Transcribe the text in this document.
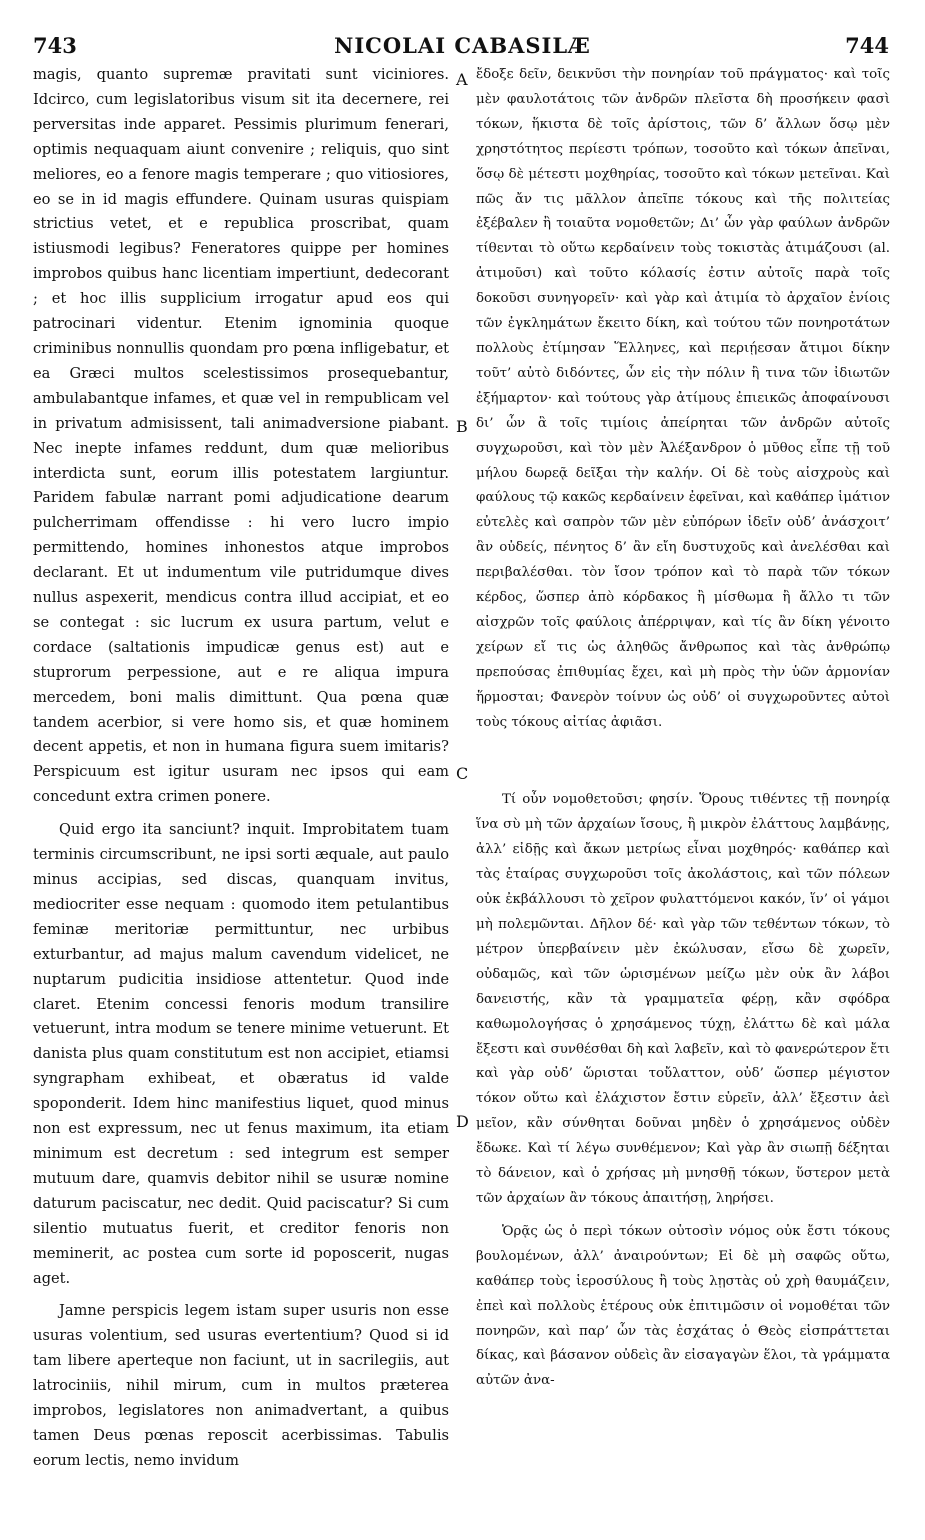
743	NICOLAI CABASILÆ	744

magis, quanto supremæ pravitati sunt viciniores. Idcirco, cum legislatoribus visum sit ita decernere, rei perversitas inde apparet. Pessimis plurimum fenerari, optimis nequaquam aiunt convenire ; reliquis, quo sint meliores, eo a fenore magis temperare ; quo vitiosiores, eo se in id magis effundere. Quinam usuras quispiam strictius vetet, et e republica proscribat, quam istiusmodi legibus? Feneratores quippe per homines improbos quibus hanc licentiam impertiunt, dedecorant ; et hoc illis supplicium irrogatur apud eos qui patrocinari videntur. Etenim ignominia quoque criminibus nonnullis quondam pro pœna infligebatur, et ea Græci multos scelestissimos prosequebantur, ambulabantque infames, et quæ vel in rempublicam vel in privatum admisissent, tali animadversione piabant. Nec inepte infames reddunt, dum quæ melioribus interdicta sunt, eorum illis potestatem largiuntur. Paridem fabulæ narrant pomi adjudicatione dearum pulcherrimam offendisse : hi vero lucro impio permittendo, homines inhonestos atque improbos declarant. Et ut indumentum vile putridumque dives nullus aspexerit, mendicus contra illud accipiat, et eo se contegat : sic lucrum ex usura partum, velut e cordace (saltationis impudicæ genus est) aut e stuprorum perpessione, aut e re aliqua impura mercedem, boni malis dimittunt. Qua pœna quæ tandem acerbior, si vere homo sis, et quæ hominem decent appetis, et non in humana figura suem imitaris? Perspicuum est igitur usuram nec ipsos qui eam concedunt extra crimen ponere.

Quid ergo ita sanciunt? inquit. Improbitatem tuam terminis circumscribunt, ne ipsi sorti æquale, aut paulo minus accipias, sed discas, quanquam invitus, mediocriter esse nequam : quomodo item petulantibus feminæ meritoriæ permittuntur, nec urbibus exturbantur, ad majus malum cavendum videlicet, ne nuptarum pudicitia insidiose attentetur. Quod inde claret. Etenim concessi fenoris modum transilire vetuerunt, intra modum se tenere minime vetuerunt. Et danista plus quam constitutum est non accipiet, etiamsi syngrapham exhibeat, et obæratus id valde spoponderit. Idem hinc manifestius liquet, quod minus non est expressum, nec ut fenus maximum, ita etiam minimum est decretum : sed integrum est semper mutuum dare, quamvis debitor nihil se usuræ nomine daturum paciscatur, nec dedit. Quid paciscatur? Si cum silentio mutuatus fuerit, et creditor fenoris non meminerit, ac postea cum sorte id poposcerit, nugas aget.

Jamne perspicis legem istam super usuris non esse usuras volentium, sed usuras evertentium? Quod si id tam libere aperteque non faciunt, ut in sacrilegiis, aut latrociniis, nihil mirum, cum in multos præterea improbos, legislatores non animadvertant, a quibus tamen Deus pœnas reposcit acerbissimas. Tabulis eorum lectis, nemo invidum

A
B
C
D

ἔδοξε δεῖν, δεικνῦσι τὴν πονηρίαν τοῦ πράγματος· καὶ τοῖς μὲν φαυλοτάτοις τῶν ἀνδρῶν πλεῖστα δὴ προσήκειν φασὶ τόκων, ἥκιστα δὲ τοῖς ἀρίστοις, τῶν δ’ ἄλλων ὅσῳ μὲν χρηστότητος περίεστι τρόπων, τοσοῦτο καὶ τόκων ἀπεῖναι, ὅσῳ δὲ μέτεστι μοχθηρίας, τοσοῦτο καὶ τόκων μετεῖναι. Καὶ πῶς ἄν τις μᾶλλον ἀπεῖπε τόκους καὶ τῆς πολιτείας ἐξέβαλεν ἢ τοιαῦτα νομοθετῶν; Δι’ ὧν γὰρ φαύλων ἀνδρῶν τίθενται τὸ οὕτω κερδαίνειν τοὺς τοκιστὰς ἀτιμάζουσι (al. ἀτιμοῦσι) καὶ τοῦτο κόλασίς ἐστιν αὐτοῖς παρὰ τοῖς δοκοῦσι συνηγορεῖν· καὶ γὰρ καὶ ἀτιμία τὸ ἀρχαῖον ἐνίοις τῶν ἐγκλημάτων ἔκειτο δίκη, καὶ τούτου τῶν πονηροτάτων πολλοὺς ἐτίμησαν Ἕλληνες, καὶ περιῄεσαν ἄτιμοι δίκην τοῦτ’ αὐτὸ διδόντες, ὧν εἰς τὴν πόλιν ἢ τινα τῶν ἰδιωτῶν ἐξήμαρτον· καὶ τούτους γὰρ ἀτίμους ἐπιεικῶς ἀποφαίνουσι δι’ ὧν ἃ τοῖς τιμίοις ἀπείρηται τῶν ἀνδρῶν αὐτοῖς συγχωροῦσι, καὶ τὸν μὲν Ἀλέξανδρον ὁ μῦθος εἶπε τῇ τοῦ μήλου δωρεᾷ δεῖξαι τὴν καλήν. Οἱ δὲ τοὺς αἰσχροὺς καὶ φαύλους τῷ κακῶς κερδαίνειν ἐφεῖναι, καὶ καθάπερ ἱμάτιον εὐτελὲς καὶ σαπρὸν τῶν μὲν εὐπόρων ἰδεῖν οὐδ’ ἀνάσχοιτ’ ἂν οὐδείς, πένητος δ’ ἂν εἴη δυστυχοῦς καὶ ἀνελέσθαι καὶ περιβαλέσθαι. τὸν ἴσον τρόπον καὶ τὸ παρὰ τῶν τόκων κέρδος, ὥσπερ ἀπὸ κόρδακος ἢ μίσθωμα ἢ ἄλλο τι τῶν αἰσχρῶν τοῖς φαύλοις ἀπέρριψαν, καὶ τίς ἂν δίκη γένοιτο χείρων εἴ τις ὡς ἀληθῶς ἄνθρωπος καὶ τὰς ἀνθρώπῳ πρεπούσας ἐπιθυμίας ἔχει, καὶ μὴ πρὸς τὴν ὑῶν ἁρμονίαν ἥρμοσται; Φανερὸν τοίνυν ὡς οὐδ’ οἱ συγχωροῦντες αὐτοὶ τοὺς τόκους αἰτίας ἀφιᾶσι.

Τί οὖν νομοθετοῦσι; φησίν. Ὅρους τιθέντες τῇ πονηρίᾳ ἵνα σὺ μὴ τῶν ἀρχαίων ἴσους, ἢ μικρὸν ἐλάττους λαμβάνῃς, ἀλλ’ εἰδῇς καὶ ἄκων μετρίως εἶναι μοχθηρός· καθάπερ καὶ τὰς ἑταίρας συγχωροῦσι τοῖς ἀκολάστοις, καὶ τῶν πόλεων οὐκ ἐκβάλλουσι τὸ χεῖρον φυλαττόμενοι κακόν, ἵν’ οἱ γάμοι μὴ πολεμῶνται. Δῆλον δέ· καὶ γὰρ τῶν τεθέντων τόκων, τὸ μέτρον ὑπερβαίνειν μὲν ἐκώλυσαν, εἴσω δὲ χωρεῖν, οὐδαμῶς, καὶ τῶν ὡρισμένων μείζω μὲν οὐκ ἂν λάβοι δανειστής, κἂν τὰ γραμματεῖα φέρῃ, κἂν σφόδρα καθωμολογήσας ὁ χρησάμενος τύχῃ, ἐλάττω δὲ καὶ μάλα ἔξεστι καὶ συνθέσθαι δὴ καὶ λαβεῖν, καὶ τὸ φανερώτερον ἔτι καὶ γὰρ οὐδ’ ὥρισται τοὔλαττον, οὐδ’ ὥσπερ μέγιστον τόκον οὕτω καὶ ἐλάχιστον ἔστιν εὑρεῖν, ἀλλ’ ἔξεστιν ἀεὶ μεῖον, κἂν σύνθηται δοῦναι μηδὲν ὁ χρησάμενος οὐδὲν ἔδωκε. Καὶ τί λέγω συνθέμενον; Καὶ γὰρ ἂν σιωπῇ δέξηται τὸ δάνειον, καὶ ὁ χρήσας μὴ μνησθῇ τόκων, ὕστερον μετὰ τῶν ἀρχαίων ἂν τόκους ἀπαιτήσῃ, ληρήσει.

Ὁρᾷς ὡς ὁ περὶ τόκων οὑτοσὶν νόμος οὐκ ἔστι τόκους βουλομένων, ἀλλ’ ἀναιρούντων; Εἰ δὲ μὴ σαφῶς οὕτω, καθάπερ τοὺς ἱεροσύλους ἢ τοὺς λῃστὰς οὐ χρὴ θαυμάζειν, ἐπεὶ καὶ πολλοὺς ἑτέρους οὐκ ἐπιτιμῶσιν οἱ νομοθέται τῶν πονηρῶν, καὶ παρ’ ὧν τὰς ἐσχάτας ὁ Θεὸς εἰσπράττεται δίκας, καὶ βάσανον οὐδεὶς ἂν εἰσαγαγὼν ἕλοι, τὰ γράμματα αὐτῶν ἀνα-
